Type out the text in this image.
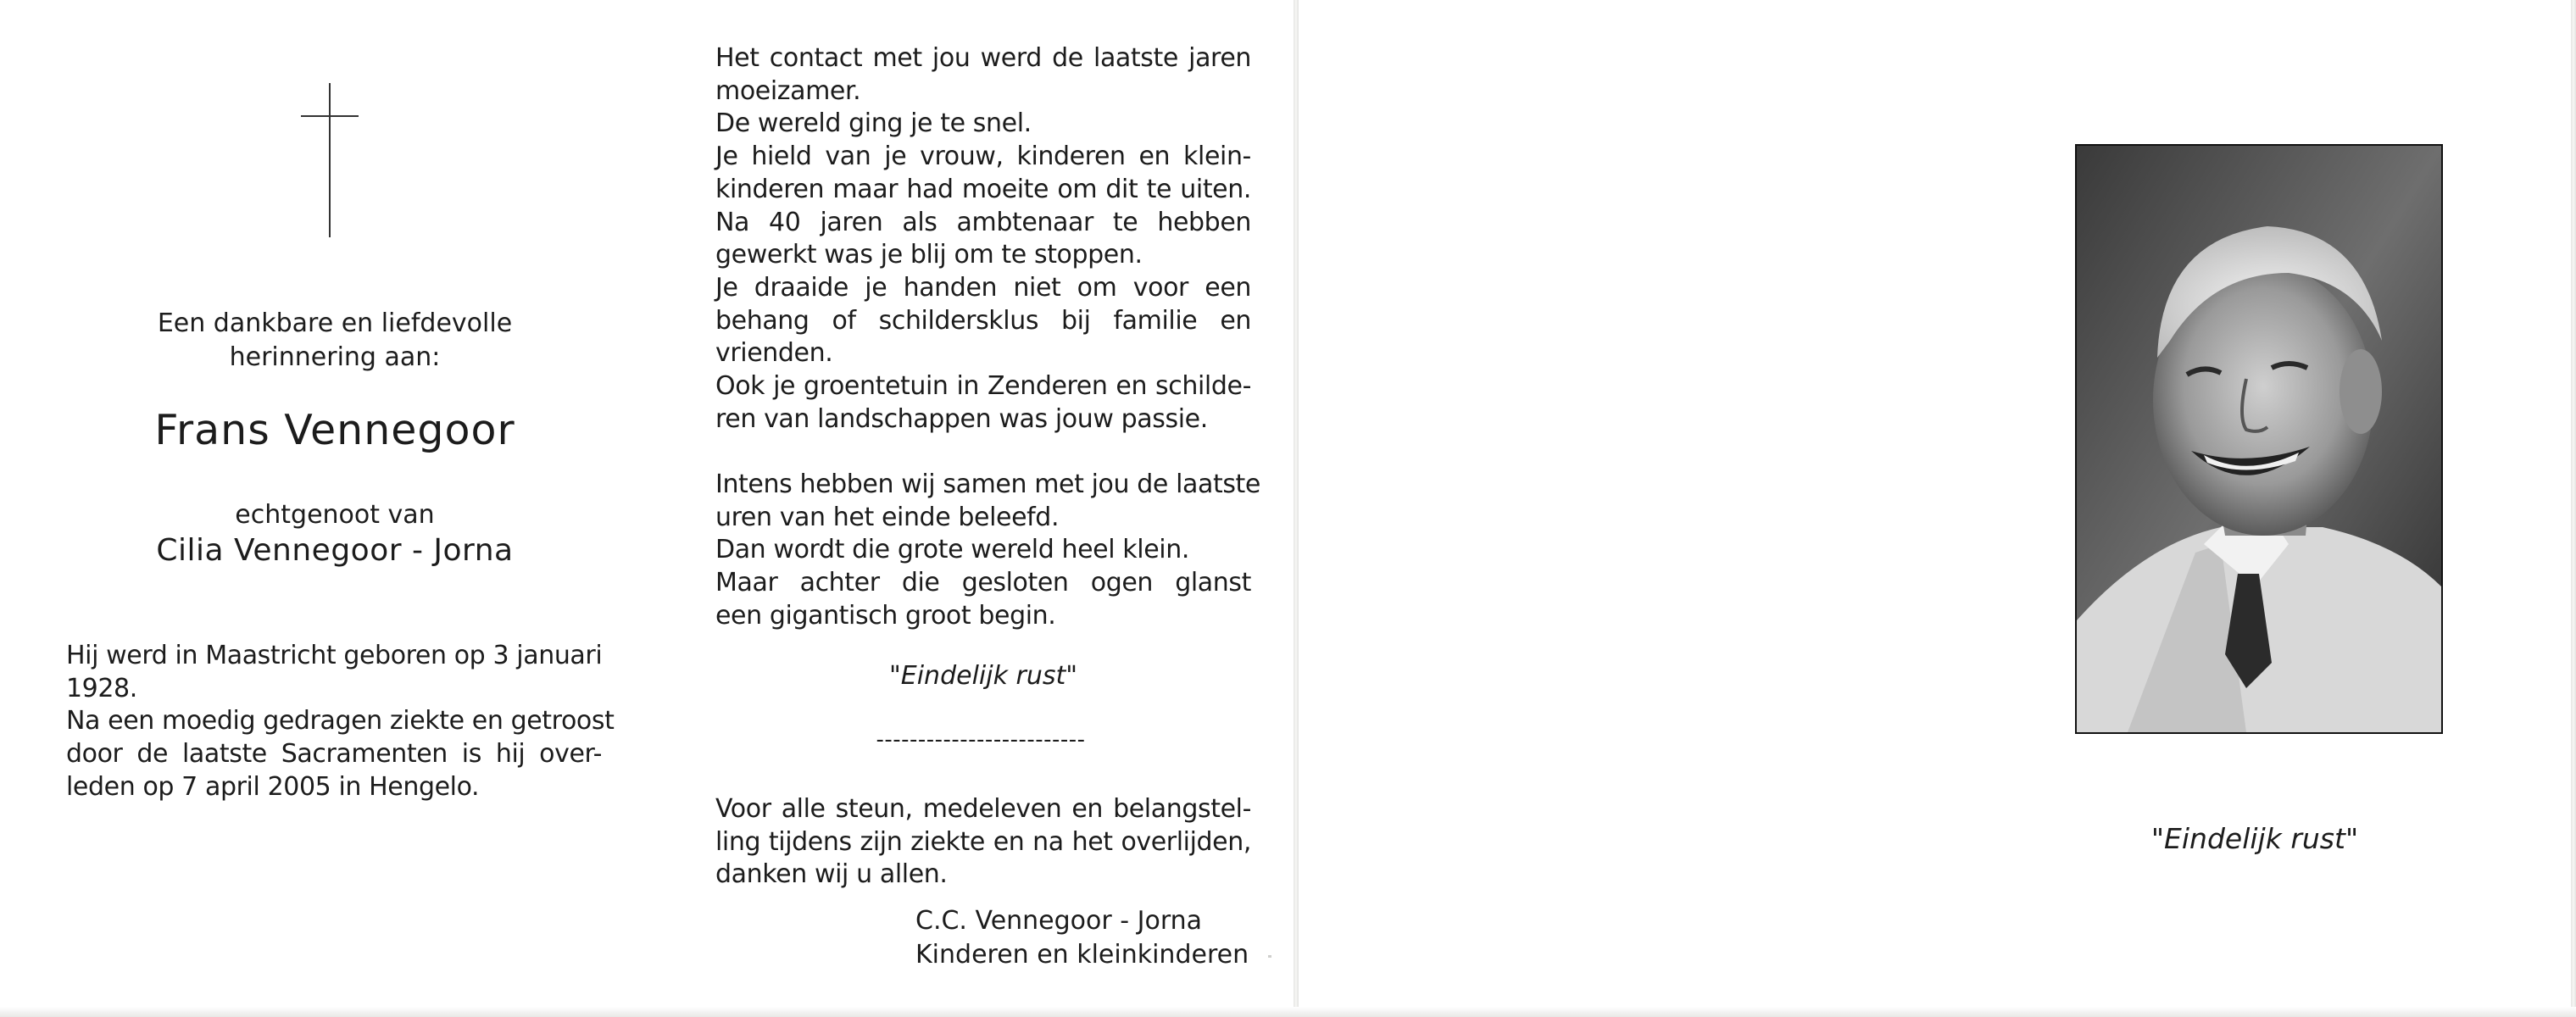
Een dankbare en liefdevolle
herinnering aan:
Frans Vennegoor
echtgenoot van
Cilia Vennegoor - Jorna
Hij werd in Maastricht geboren op 3 januari
1928.
Na een moedig gedragen ziekte en getroost
door de laatste Sacramenten is hij over-
leden op 7 april 2005 in Hengelo.
Het contact met jou werd de laatste jaren
moeizamer.
De wereld ging je te snel.
Je hield van je vrouw, kinderen en klein-
kinderen maar had moeite om dit te uiten.
Na 40 jaren als ambtenaar te hebben
gewerkt was je blij om te stoppen.
Je draaide je handen niet om voor een
behang of schildersklus bij familie en
vrienden.
Ook je groentetuin in Zenderen en schilde-
ren van landschappen was jouw passie.
Intens hebben wij samen met jou de laatste
uren van het einde beleefd.
Dan wordt die grote wereld heel klein.
Maar achter die gesloten ogen glanst
een gigantisch groot begin.
"Eindelijk rust"
-------------------------
Voor alle steun, medeleven en belangstel-
ling tijdens zijn ziekte en na het overlijden,
danken wij u allen.
C.C. Vennegoor - Jorna
Kinderen en kleinkinderen
"Eindelijk rust"
